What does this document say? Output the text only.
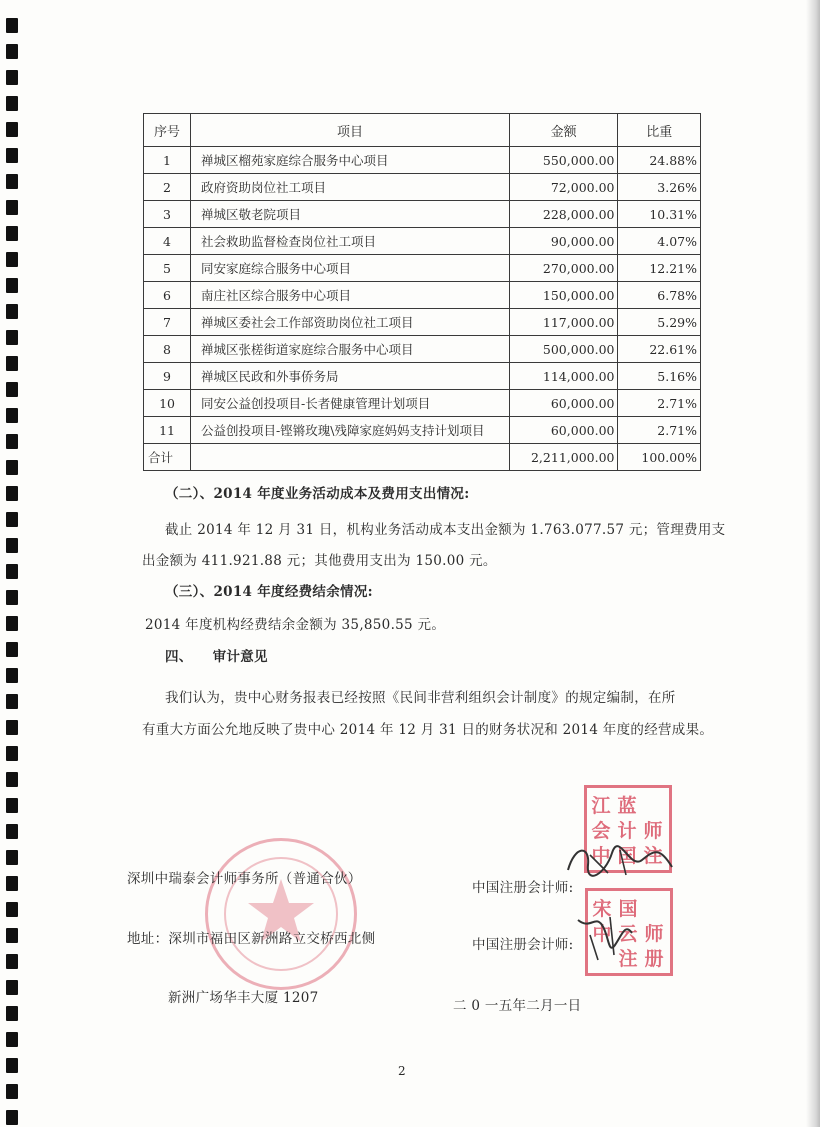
序号	项目	金额	比重
1	禅城区榴苑家庭综合服务中心项目	550,000.00	24.88%
2	政府资助岗位社工项目	72,000.00	3.26%
3	禅城区敬老院项目	228,000.00	10.31%
4	社会救助监督检查岗位社工项目	90,000.00	4.07%
5	同安家庭综合服务中心项目	270,000.00	12.21%
6	南庄社区综合服务中心项目	150,000.00	6.78%
7	禅城区委社会工作部资助岗位社工项目	117,000.00	5.29%
8	禅城区张槎街道家庭综合服务中心项目	500,000.00	22.61%
9	禅城区民政和外事侨务局	114,000.00	5.16%
10	同安公益创投项目-长者健康管理计划项目	60,000.00	2.71%
11	公益创投项目-铿锵玫瑰\残障家庭妈妈支持计划项目	60,000.00	2.71%
合计		2,211,000.00	100.00%
（二）、2014 年度业务活动成本及费用支出情况:
截止 2014 年 12 月 31 日，机构业务活动成本支出金额为 1.763.077.57 元；管理费用支
出金额为 411.921.88 元；其他费用支出为 150.00 元。
（三）、2014 年度经费结余情况:
2014 年度机构经费结余金额为 35,850.55 元。
四、    审计意见
我们认为，贵中心财务报表已经按照《民间非营利组织会计制度》的规定编制，在所
有重大方面公允地反映了贵中心 2014 年 12 月 31 日的财务状况和 2014 年度的经营成果。
深圳中瑞泰会计师事务所（普通合伙）
中国注册会计师:
地址：深圳市福田区新洲路立交桥西北侧	中国注册会计师:
新洲广场华丰大厦 1207	二 0 一五年二月一日
江
会
中
蓝
计
国
师
注
宋
中
国
云
注
师
册
2
